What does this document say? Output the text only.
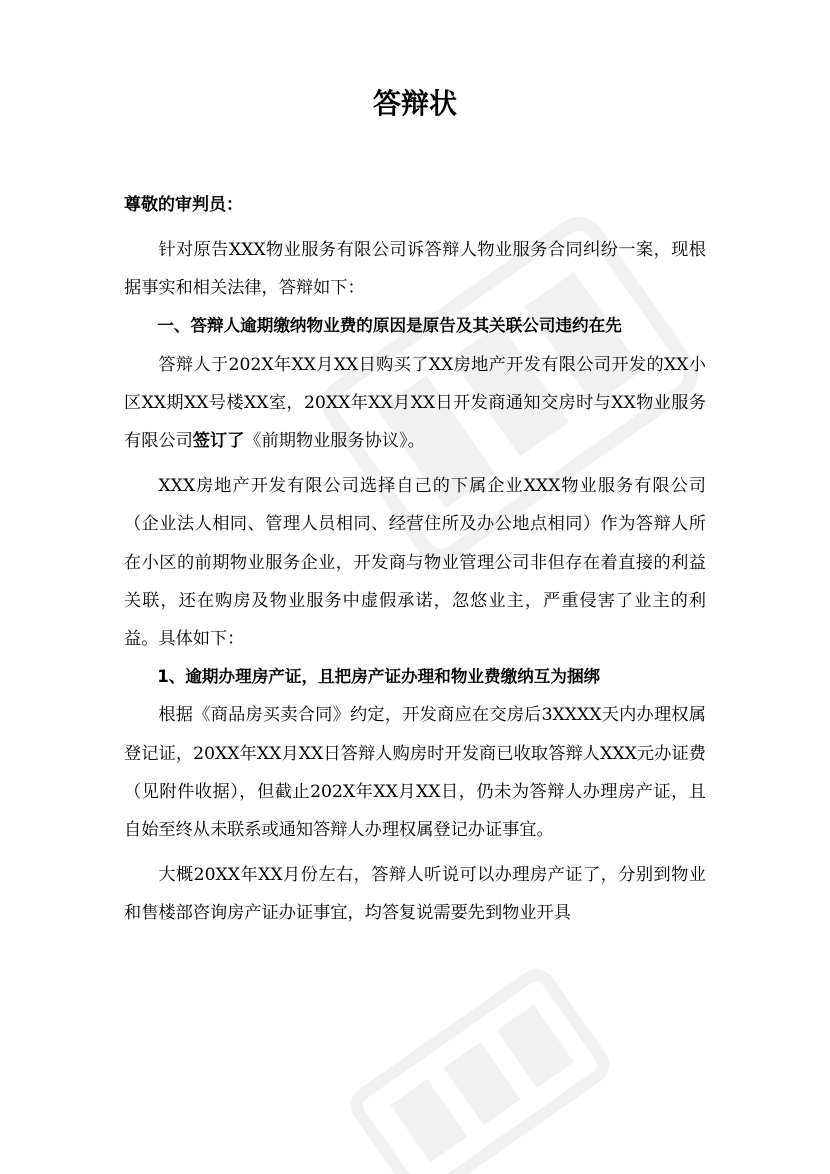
答辩状
尊敬的审判员：

针对原告XXX物业服务有限公司诉答辩人物业服务合同纠纷一案，现根据事实和相关法律，答辩如下：

一、答辩人逾期缴纳物业费的原因是原告及其关联公司违约在先

答辩人于202X年XX月XX日购买了XX房地产开发有限公司开发的XX小区XX期XX号楼XX室，20XX年XX月XX日开发商通知交房时与XX物业服务有限公司签订了《前期物业服务协议》。

XXX房地产开发有限公司选择自己的下属企业XXX物业服务有限公司（企业法人相同、管理人员相同、经营住所及办公地点相同）作为答辩人所在小区的前期物业服务企业，开发商与物业管理公司非但存在着直接的利益关联，还在购房及物业服务中虚假承诺，忽悠业主，严重侵害了业主的利益。具体如下：

1、逾期办理房产证，且把房产证办理和物业费缴纳互为捆绑

根据《商品房买卖合同》约定，开发商应在交房后3XXXX天内办理权属登记证，20XX年XX月XX日答辩人购房时开发商已收取答辩人XXX元办证费（见附件收据），但截止202X年XX月XX日，仍未为答辩人办理房产证，且自始至终从未联系或通知答辩人办理权属登记办证事宜。

大概20XX年XX月份左右，答辩人听说可以办理房产证了，分别到物业和售楼部咨询房产证办证事宜，均答复说需要先到物业开具
